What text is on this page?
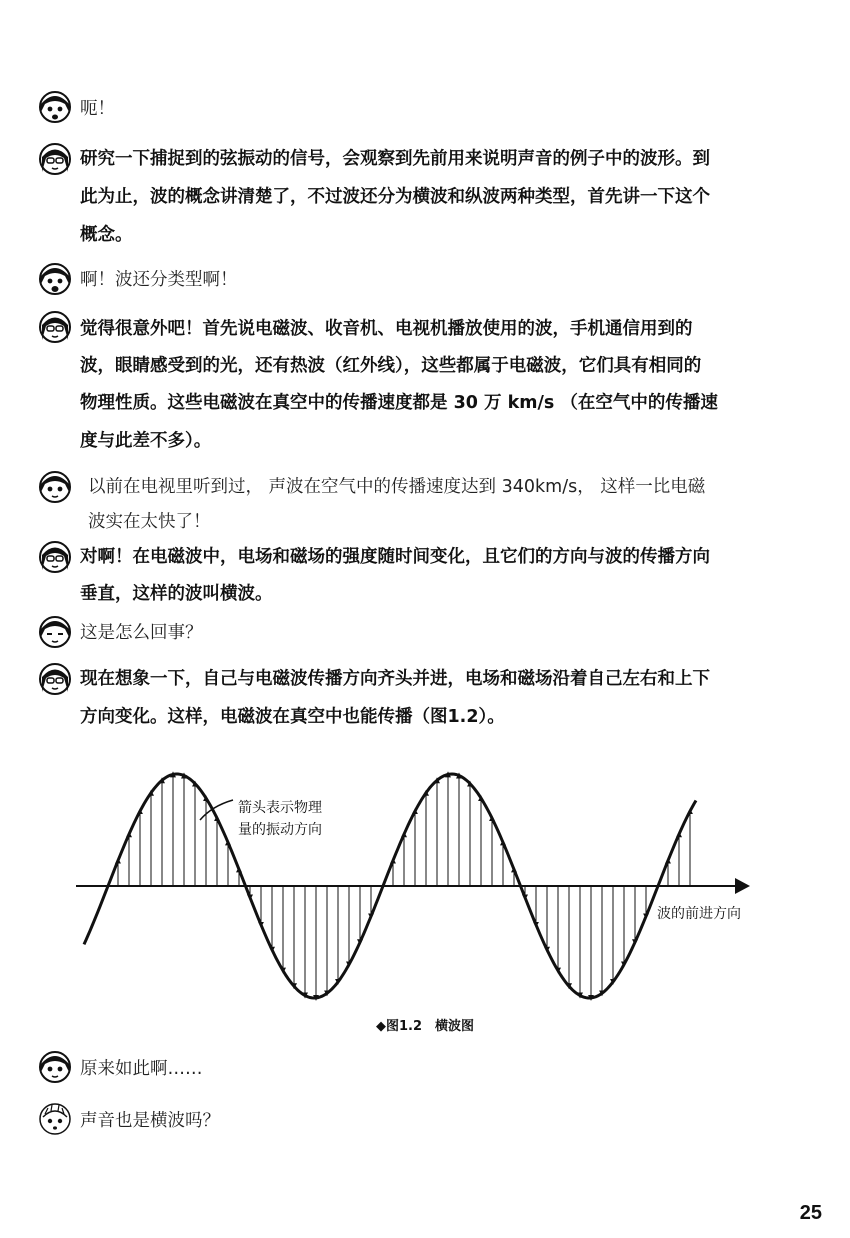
呃！
研究一下捕捉到的弦振动的信号，会观察到先前用来说明声音的例子中的波形。到
此为止，波的概念讲清楚了，不过波还分为横波和纵波两种类型，首先讲一下这个
概念。
啊！波还分类型啊！
觉得很意外吧！首先说电磁波、收音机、电视机播放使用的波，手机通信用到的
波，眼睛感受到的光，还有热波（红外线），这些都属于电磁波，它们具有相同的
物理性质。这些电磁波在真空中的传播速度都是 30 万 km/s （在空气中的传播速
度与此差不多）。
以前在电视里听到过， 声波在空气中的传播速度达到 340km/s， 这样一比电磁
波实在太快了！
对啊！在电磁波中，电场和磁场的强度随时间变化，且它们的方向与波的传播方向
垂直，这样的波叫横波。
这是怎么回事？
现在想象一下，自己与电磁波传播方向齐头并进，电场和磁场沿着自己左右和上下
方向变化。这样，电磁波在真空中也能传播（图1.2）。
箭头表示物理
量的振动方向
波的前进方向
◆图1.2　横波图
原来如此啊……
声音也是横波吗？
25
